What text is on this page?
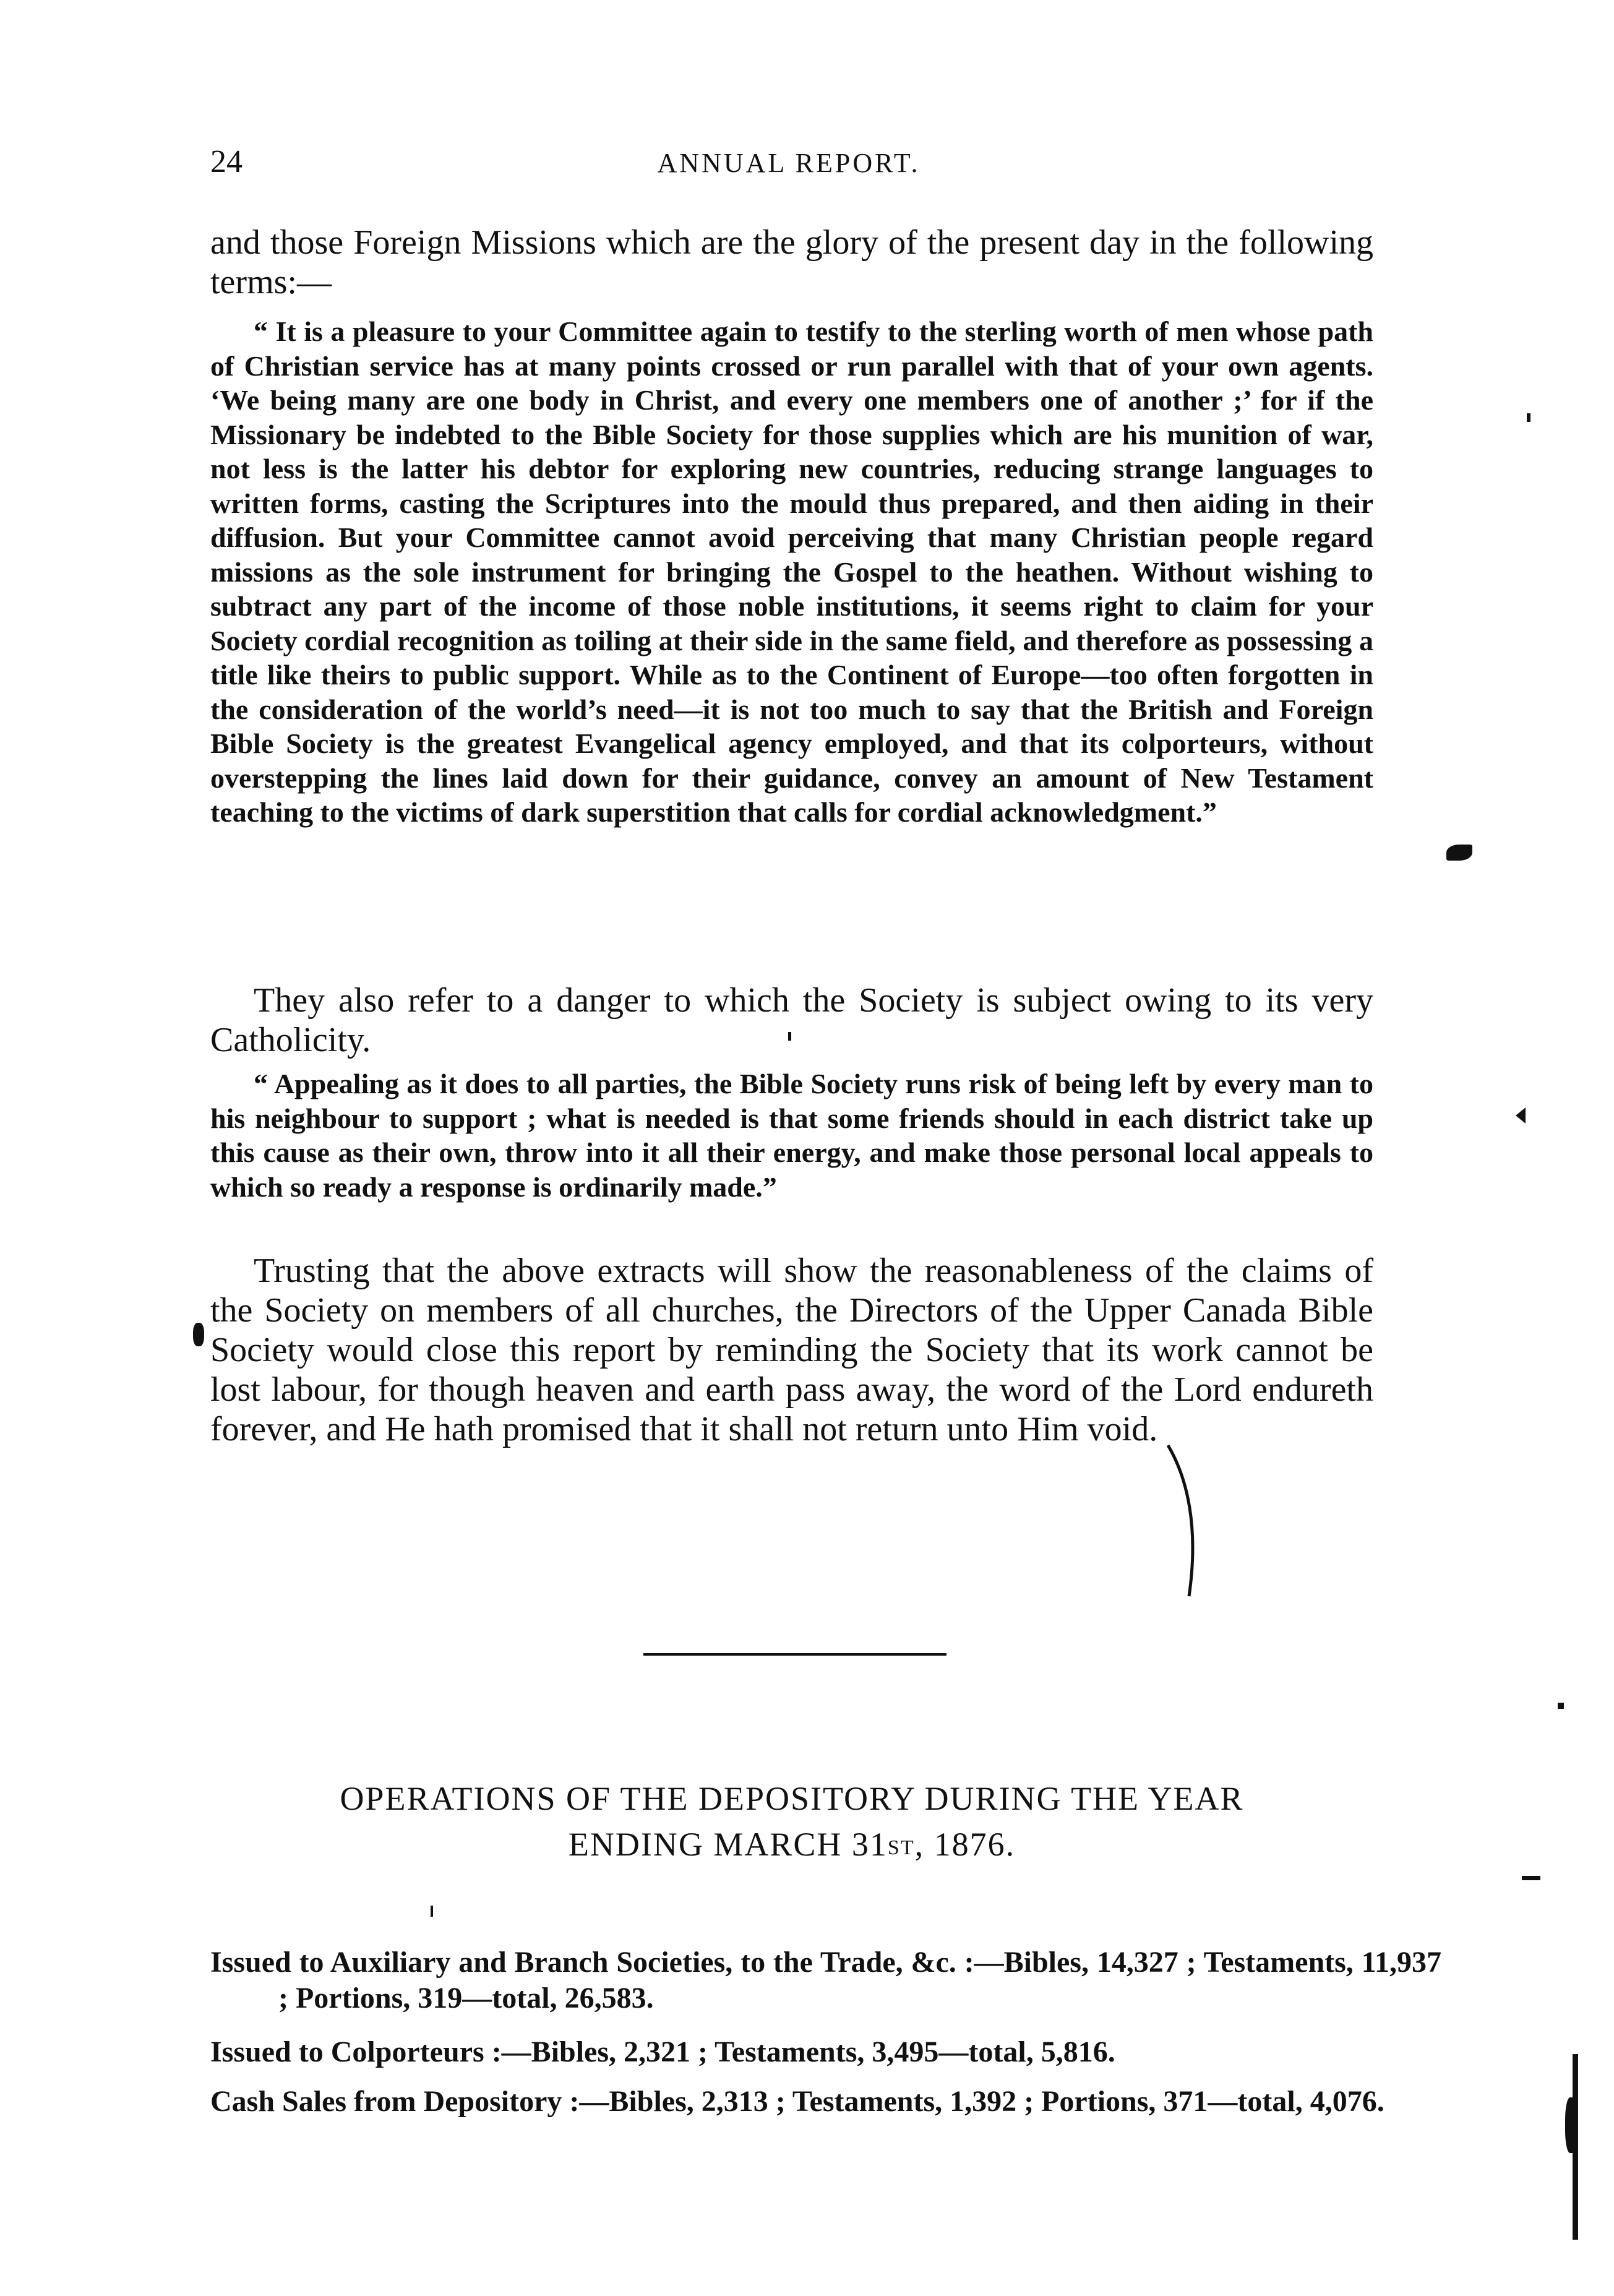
24	ANNUAL REPORT.

and those Foreign Missions which are the glory of the present day in the following terms:—

“ It is a pleasure to your Committee again to testify to the sterling worth of men whose path of Christian service has at many points crossed or run parallel with that of your own agents. ‘We being many are one body in Christ, and every one members one of another ;’ for if the Missionary be indebted to the Bible Society for those supplies which are his munition of war, not less is the latter his debtor for exploring new countries, reducing strange languages to written forms, casting the Scriptures into the mould thus prepared, and then aiding in their diffusion. But your Committee cannot avoid perceiving that many Christian people regard missions as the sole instrument for bringing the Gospel to the heathen. Without wishing to subtract any part of the income of those noble institutions, it seems right to claim for your Society cordial recognition as toiling at their side in the same field, and therefore as possessing a title like theirs to public support. While as to the Continent of Europe—too often forgotten in the consideration of the world’s need—it is not too much to say that the British and Foreign Bible Society is the greatest Evangelical agency employed, and that its colporteurs, without overstepping the lines laid down for their guidance, convey an amount of New Testament teaching to the victims of dark superstition that calls for cordial acknowledgment.”

They also refer to a danger to which the Society is subject owing to its very Catholicity.

“ Appealing as it does to all parties, the Bible Society runs risk of being left by every man to his neighbour to support ; what is needed is that some friends should in each district take up this cause as their own, throw into it all their energy, and make those personal local appeals to which so ready a response is ordinarily made.”

Trusting that the above extracts will show the reasonableness of the claims of the Society on members of all churches, the Directors of the Upper Canada Bible Society would close this report by reminding the Society that its work cannot be lost labour, for though heaven and earth pass away, the word of the Lord endureth forever, and He hath promised that it shall not return unto Him void.

OPERATIONS OF THE DEPOSITORY DURING THE YEAR

ENDING MARCH 31ST, 1876.

Issued to Auxiliary and Branch Societies, to the Trade, &c. :—Bibles, 14,327 ; Testaments, 11,937 ; Portions, 319—total, 26,583.

Issued to Colporteurs :—Bibles, 2,321 ; Testaments, 3,495—total, 5,816.

Cash Sales from Depository :—Bibles, 2,313 ; Testaments, 1,392 ; Portions, 371—total, 4,076.
